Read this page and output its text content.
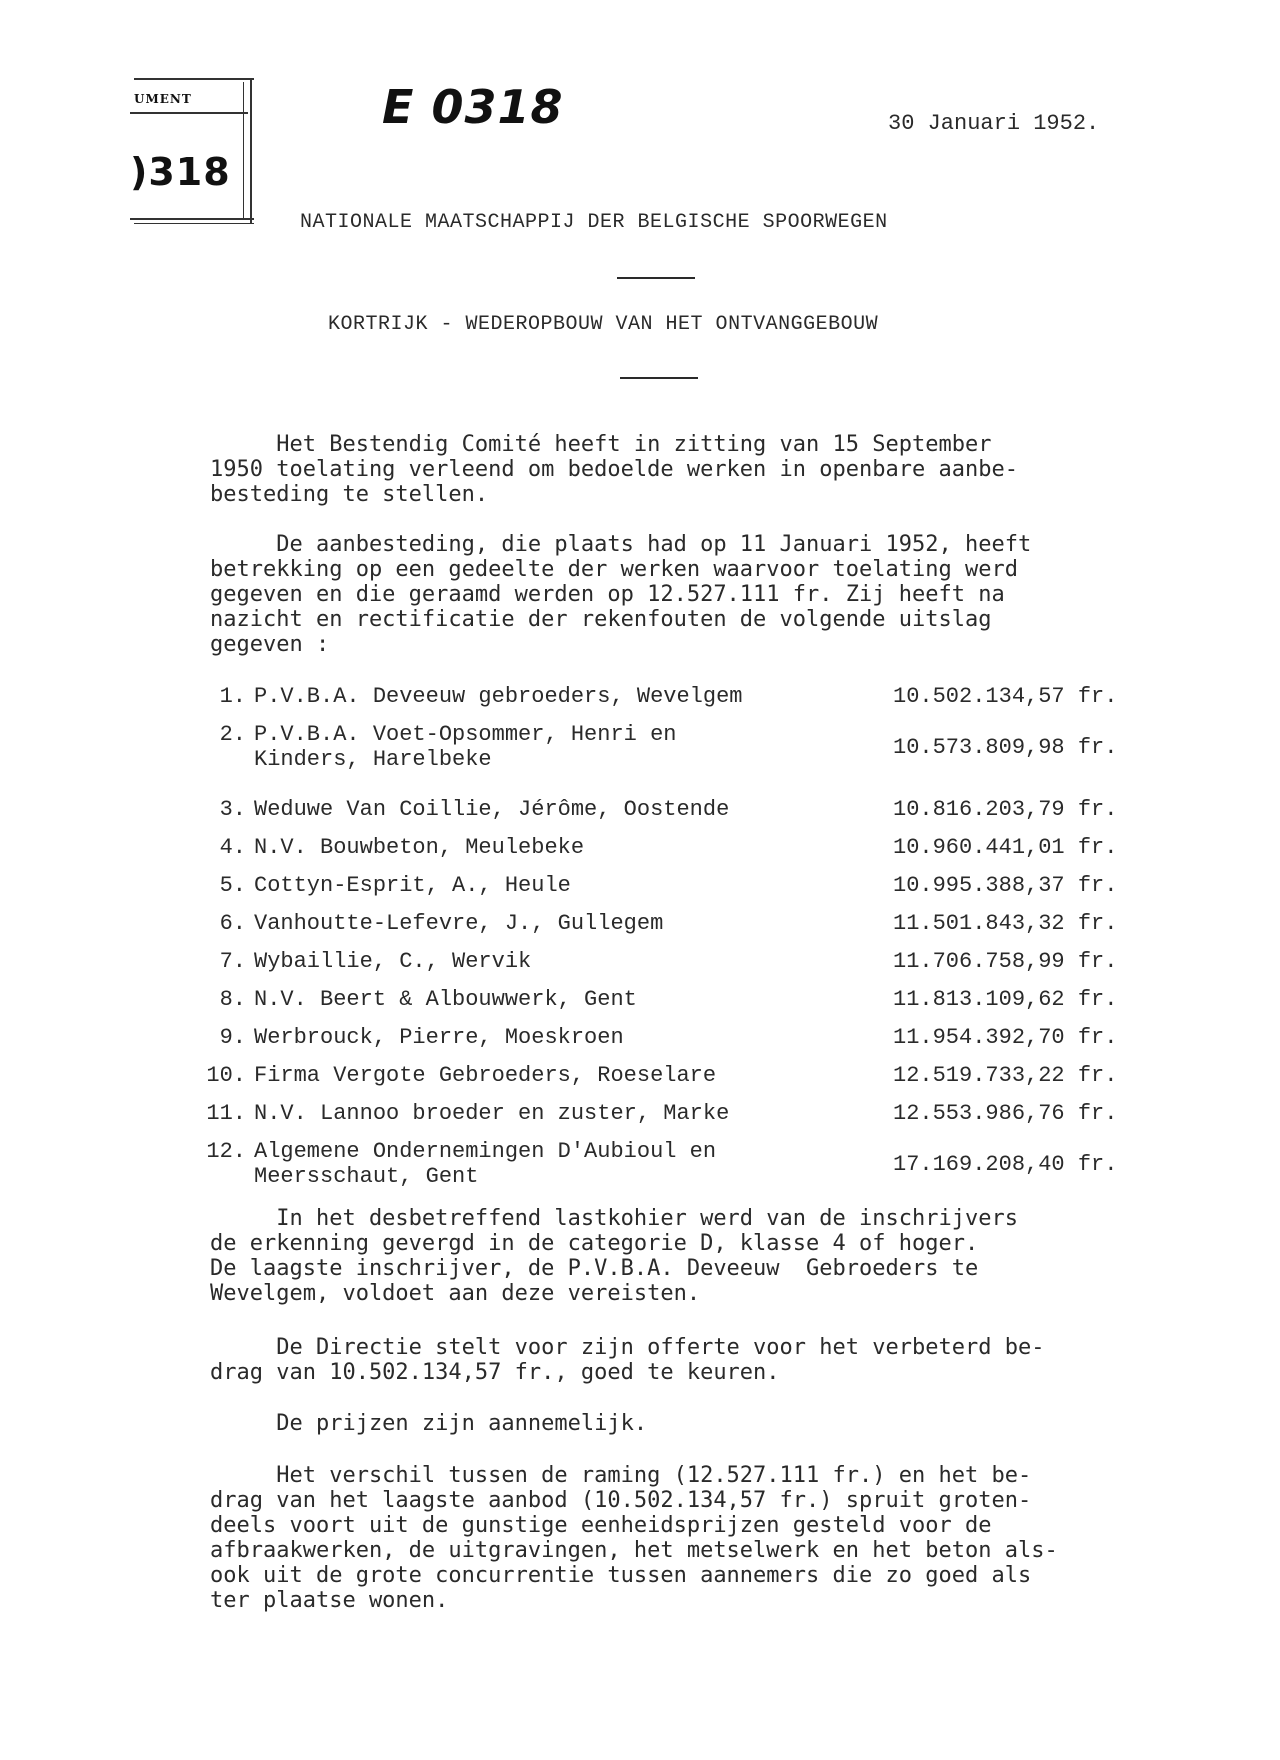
UMENT
)318
E 0318	30 Januari 1952.
NATIONALE MAATSCHAPPIJ DER BELGISCHE SPOORWEGEN
KORTRIJK - WEDEROPBOUW VAN HET ONTVANGGEBOUW
Het Bestendig Comité heeft in zitting van 15 September
1950 toelating verleend om bedoelde werken in openbare aanbe-
besteding te stellen.
De aanbesteding, die plaats had op 11 Januari 1952, heeft
betrekking op een gedeelte der werken waarvoor toelating werd
gegeven en die geraamd werden op 12.527.111 fr. Zij heeft na
nazicht en rectificatie der rekenfouten de volgende uitslag
gegeven :
1. P.V.B.A. Deveeuw gebroeders, Wevelgem	10.502.134,57 fr.
2. P.V.B.A. Voet-Opsommer, Henri en
Kinders, Harelbeke	10.573.809,98 fr.
3. Weduwe Van Coillie, Jérôme, Oostende	10.816.203,79 fr.
4. N.V. Bouwbeton, Meulebeke	10.960.441,01 fr.
5. Cottyn-Esprit, A., Heule	10.995.388,37 fr.
6. Vanhoutte-Lefevre, J., Gullegem	11.501.843,32 fr.
7. Wybaillie, C., Wervik	11.706.758,99 fr.
8. N.V. Beert & Albouwwerk, Gent	11.813.109,62 fr.
9. Werbrouck, Pierre, Moeskroen	11.954.392,70 fr.
10. Firma Vergote Gebroeders, Roeselare	12.519.733,22 fr.
11. N.V. Lannoo broeder en zuster, Marke	12.553.986,76 fr.
12. Algemene Ondernemingen D'Aubioul en
Meersschaut, Gent	17.169.208,40 fr.
In het desbetreffend lastkohier werd van de inschrijvers
de erkenning gevergd in de categorie D, klasse 4 of hoger.
De laagste inschrijver, de P.V.B.A. Deveeuw  Gebroeders te
Wevelgem, voldoet aan deze vereisten.
De Directie stelt voor zijn offerte voor het verbeterd be-
drag van 10.502.134,57 fr., goed te keuren.
De prijzen zijn aannemelijk.
Het verschil tussen de raming (12.527.111 fr.) en het be-
drag van het laagste aanbod (10.502.134,57 fr.) spruit groten-
deels voort uit de gunstige eenheidsprijzen gesteld voor de
afbraakwerken, de uitgravingen, het metselwerk en het beton als-
ook uit de grote concurrentie tussen aannemers die zo goed als
ter plaatse wonen.
